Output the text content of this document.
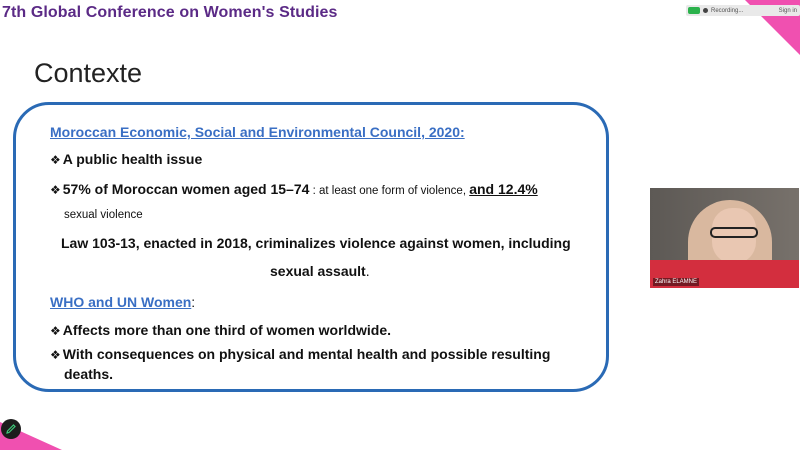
7th Global Conference on Women's Studies	Recording...	Sign in
Contexte
Moroccan Economic, Social and Environmental Council, 2020:
❖ A public health issue
❖ 57% of Moroccan women aged 15–74 : at least one form of violence, and 12.4%
sexual violence
Law 103-13, enacted in 2018, criminalizes violence against women, including
sexual assault.
WHO and UN Women:
❖ Affects more than one third of women worldwide.
❖ With consequences on physical and mental health and possible resulting
deaths.
Zahra ELAMNE
